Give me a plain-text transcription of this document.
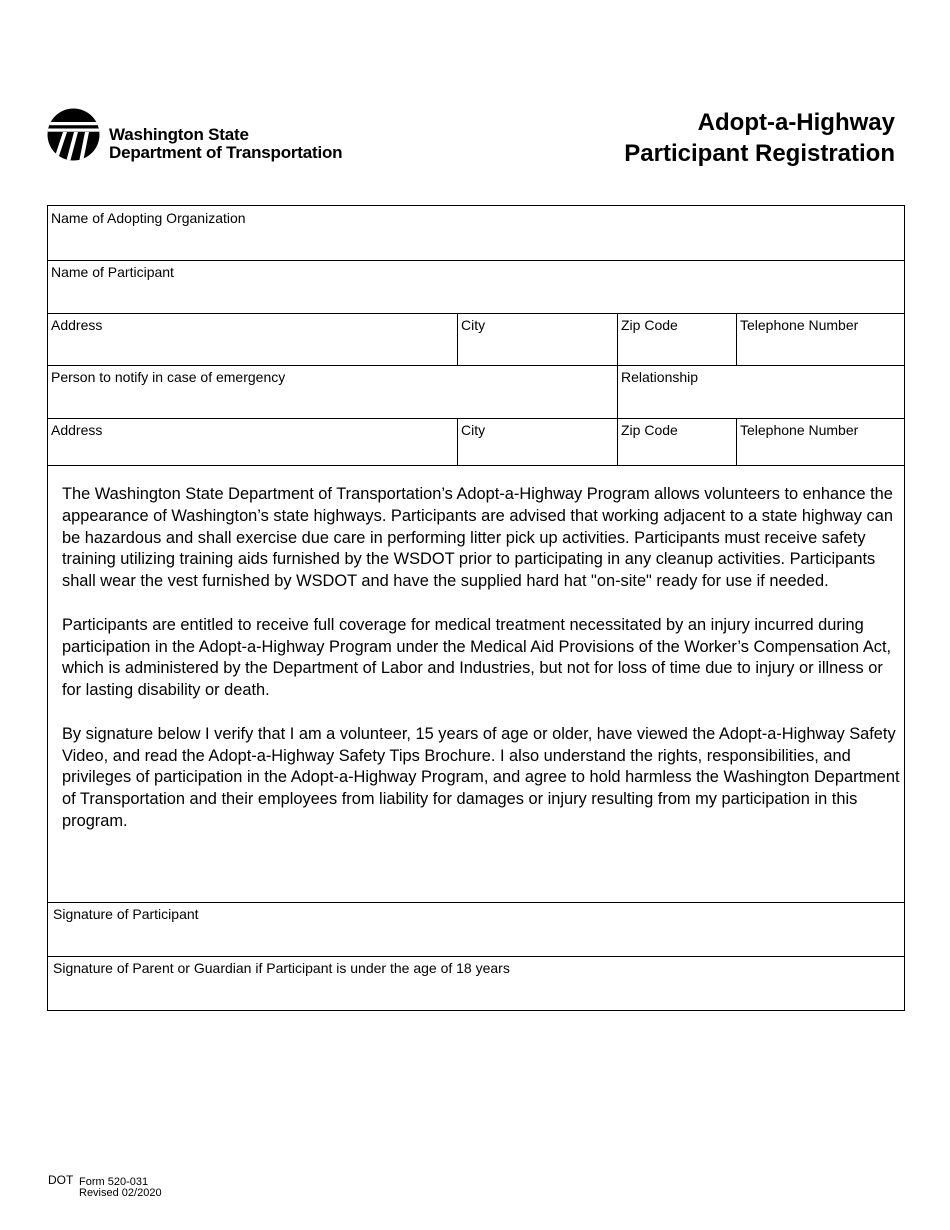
Washington State
Department of Transportation
Adopt-a-Highway
Participant Registration
Name of Adopting Organization
Name of Participant
Address	City	Zip Code	Telephone Number
Person to notify in case of emergency	Relationship
Address	City	Zip Code	Telephone Number

The Washington State Department of Transportation’s Adopt-a-Highway Program allows volunteers to enhance the appearance of Washington’s state highways. Participants are advised that working adjacent to a state highway can be hazardous and shall exercise due care in performing litter pick up activities. Participants must receive safety training utilizing training aids furnished by the WSDOT prior to participating in any cleanup activities. Participants shall wear the vest furnished by WSDOT and have the supplied hard hat "on-site" ready for use if needed.

Participants are entitled to receive full coverage for medical treatment necessitated by an injury incurred during participation in the Adopt-a-Highway Program under the Medical Aid Provisions of the Worker’s Compensation Act, which is administered by the Department of Labor and Industries, but not for loss of time due to injury or illness or for lasting disability or death.

By signature below I verify that I am a volunteer, 15 years of age or older, have viewed the Adopt-a-Highway Safety Video, and read the Adopt-a-Highway Safety Tips Brochure. I also understand the rights, responsibilities, and privileges of participation in the Adopt-a-Highway Program, and agree to hold harmless the Washington Department of Transportation and their employees from liability for damages or injury resulting from my participation in this program.

Signature of Participant
Signature of Parent or Guardian if Participant is under the age of 18 years
DOT Form 520-031
Revised 02/2020
